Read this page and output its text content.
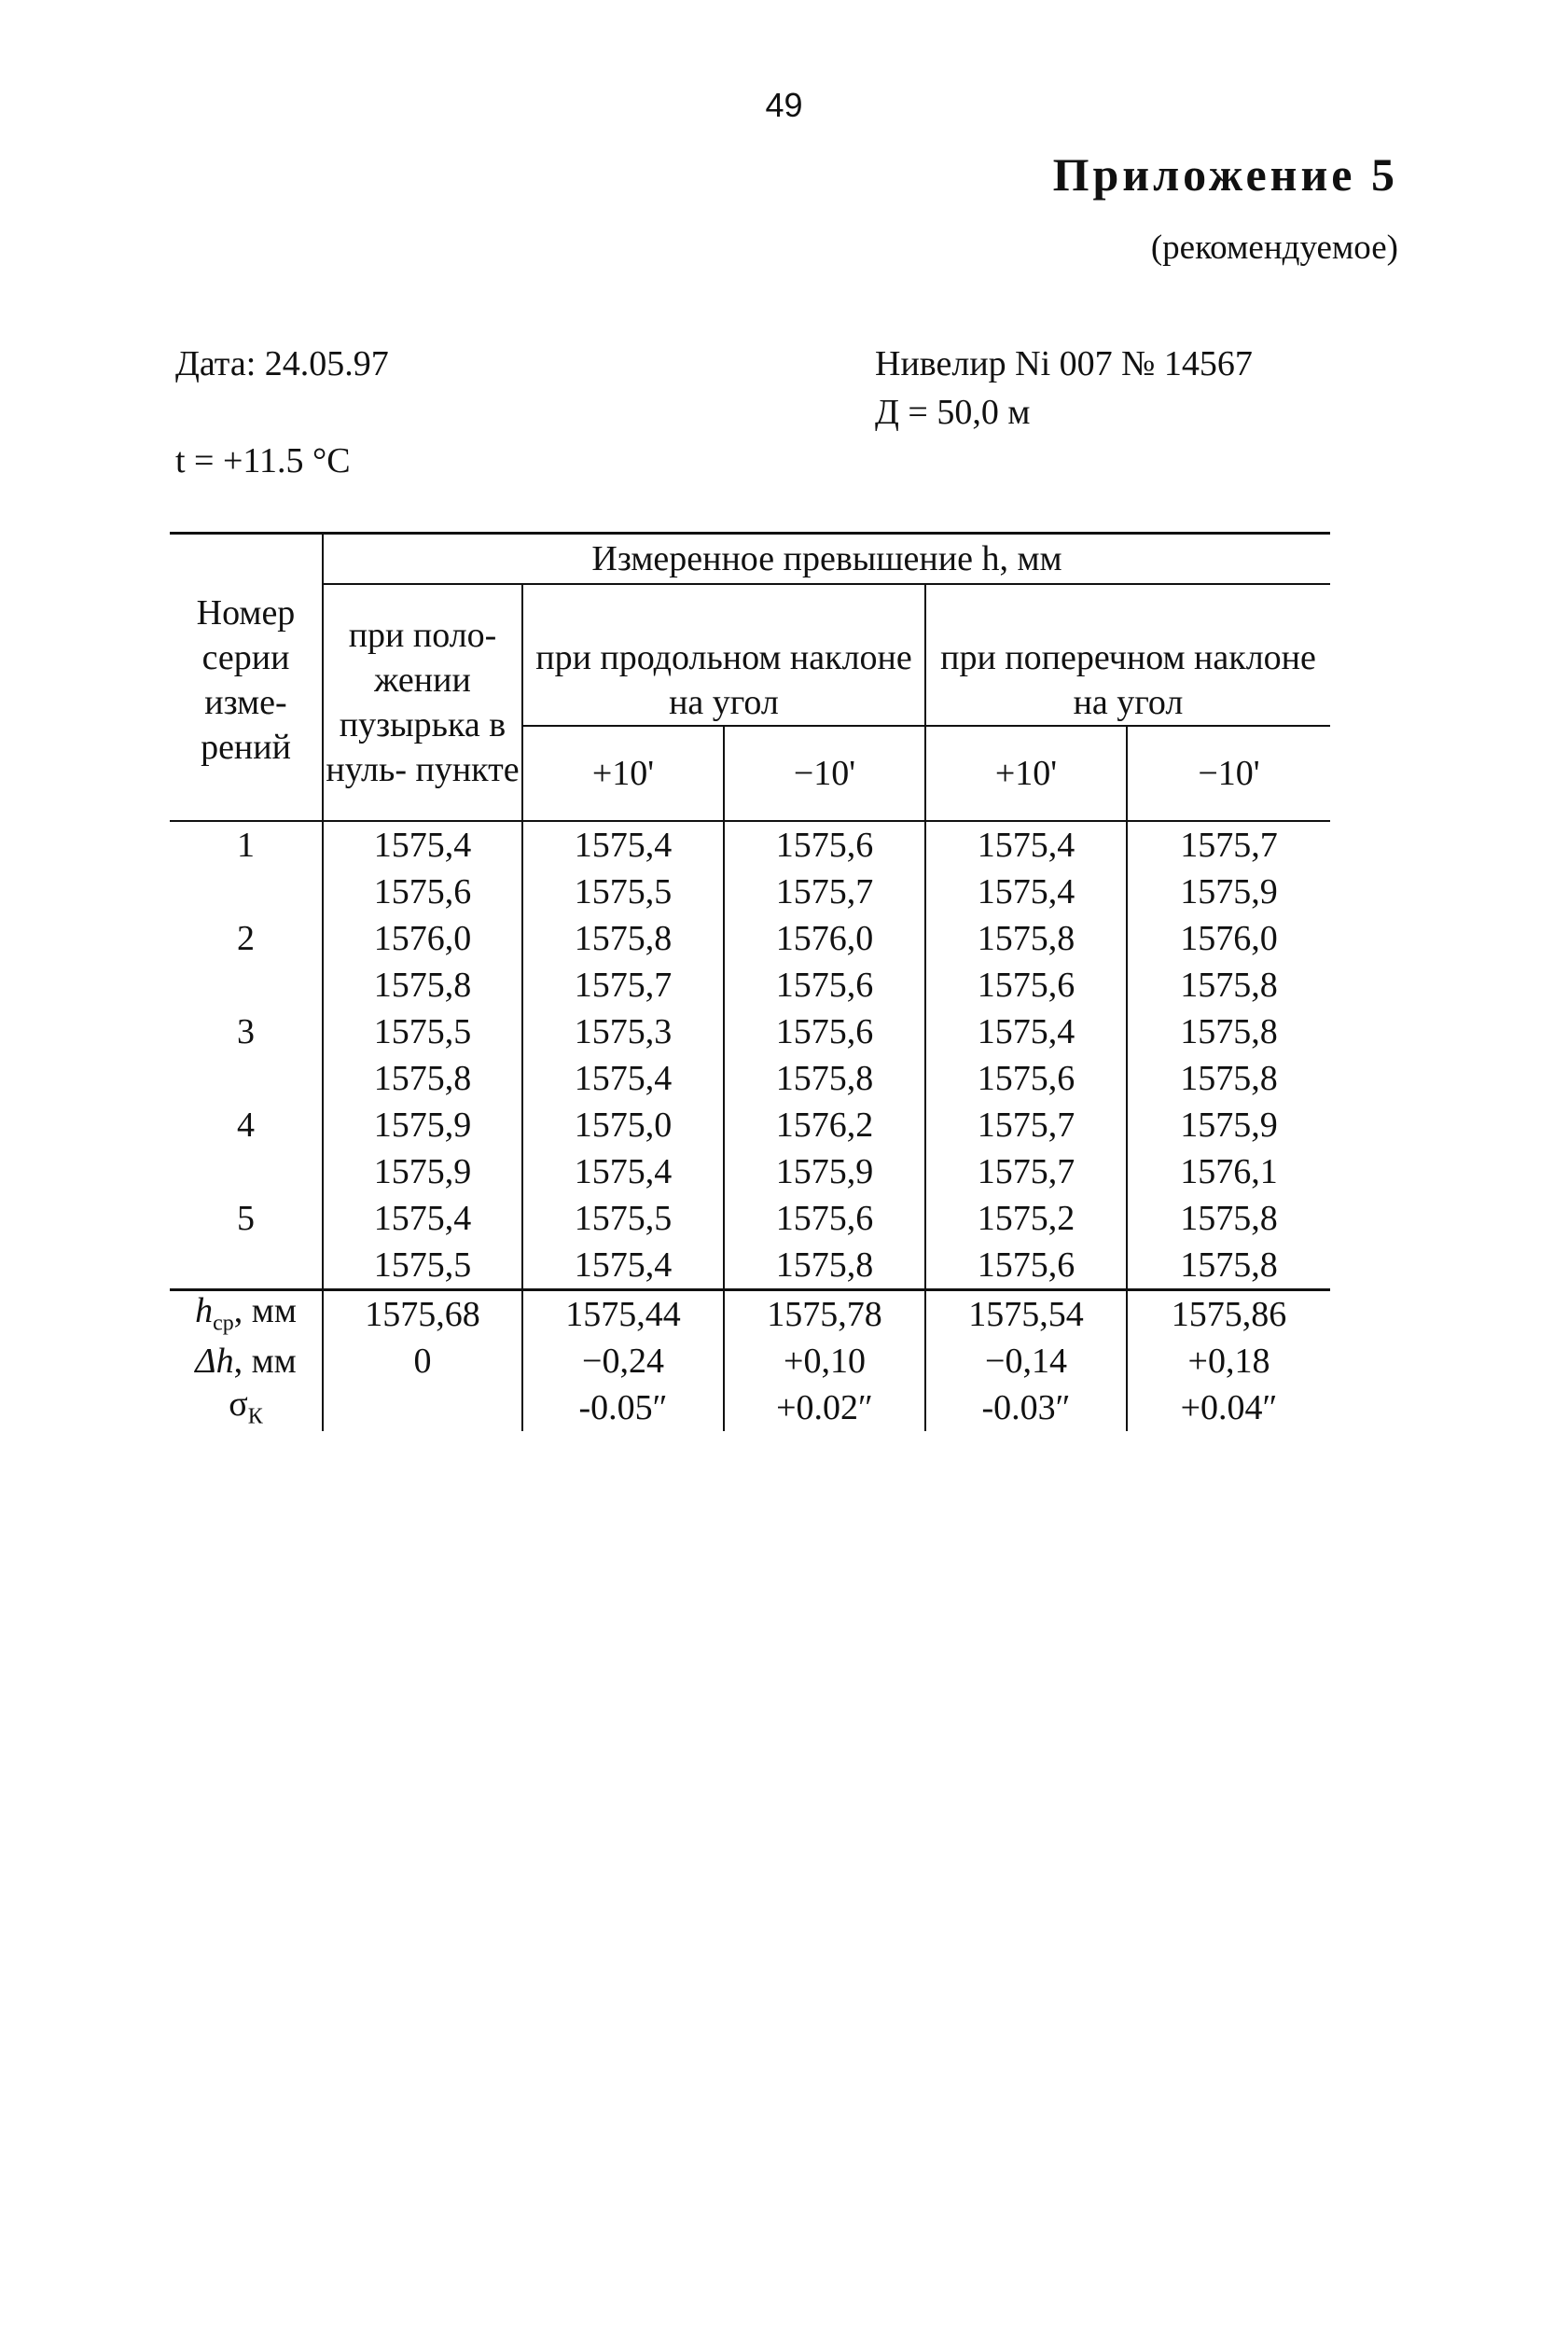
49
Приложение 5
(рекомендуемое)
Дата: 24.05.97
t = +11.5 °C
Нивелир Ni 007 № 14567
Д = 50,0 м
Номер серии изме- рений	Измеренное превышение h, мм				
	при поло- жении пузырька в нуль- пункте	при продольном наклоне на угол		при поперечном наклоне на угол	
		+10'	−10'	+10'	−10'
1	1575,4	1575,4	1575,6	1575,4	1575,7
	1575,6	1575,5	1575,7	1575,4	1575,9
2	1576,0	1575,8	1576,0	1575,8	1576,0
	1575,8	1575,7	1575,6	1575,6	1575,8
3	1575,5	1575,3	1575,6	1575,4	1575,8
	1575,8	1575,4	1575,8	1575,6	1575,8
4	1575,9	1575,0	1576,2	1575,7	1575,9
	1575,9	1575,4	1575,9	1575,7	1576,1
5	1575,4	1575,5	1575,6	1575,2	1575,8
	1575,5	1575,4	1575,8	1575,6	1575,8
$h_{ср}$, мм	1575,68	1575,44	1575,78	1575,54	1575,86
Δh, мм	0	−0,24	+0,10	−0,14	+0,18
$\sigma_К$		-0.05″	+0.02″	-0.03″	+0.04″
